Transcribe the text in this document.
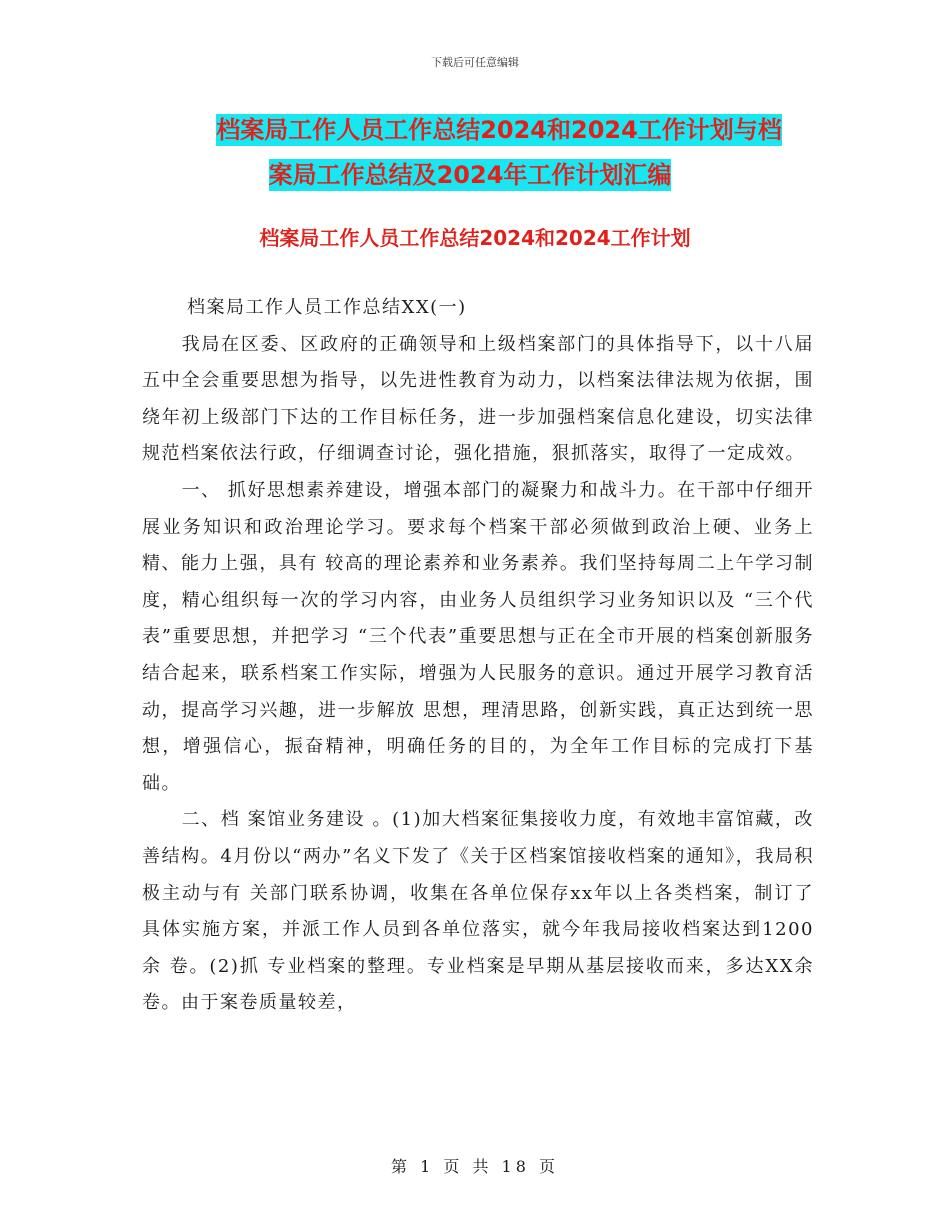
下载后可任意编辑
档案局工作人员工作总结2024和2024工作计划与档
案局工作总结及2024年工作计划汇编
档案局工作人员工作总结2024和2024工作计划

档案局工作人员工作总结XX(一)

我局在区委、区政府的正确领导和上级档案部门的具体指导下，以十八届五中全会重要思想为指导，以先进性教育为动力，以档案法律法规为依据，围绕年初上级部门下达的工作目标任务，进一步加强档案信息化建设，切实法律规范档案依法行政，仔细调查讨论，强化措施，狠抓落实，取得了一定成效。

一、 抓好思想素养建设，增强本部门的凝聚力和战斗力。在干部中仔细开展业务知识和政治理论学习。要求每个档案干部必须做到政治上硬、业务上精、能力上强，具有 较高的理论素养和业务素养。我们坚持每周二上午学习制度，精心组织每一次的学习内容，由业务人员组织学习业务知识以及 “三个代表”重要思想，并把学习 “三个代表”重要思想与正在全市开展的档案创新服务结合起来，联系档案工作实际，增强为人民服务的意识。通过开展学习教育活动，提高学习兴趣，进一步解放 思想，理清思路，创新实践，真正达到统一思想，增强信心，振奋精神，明确任务的目的，为全年工作目标的完成打下基础。

二、档 案馆业务建设 。(1)加大档案征集接收力度，有效地丰富馆藏，改善结构。4月份以“两办”名义下发了《关于区档案馆接收档案的通知》，我局积极主动与有 关部门联系协调，收集在各单位保存xx年以上各类档案，制订了具体实施方案，并派工作人员到各单位落实，就今年我局接收档案达到1200余 卷。(2)抓 专业档案的整理。专业档案是早期从基层接收而来，多达XX余卷。由于案卷质量较差，

第 1 页 共 18 页
